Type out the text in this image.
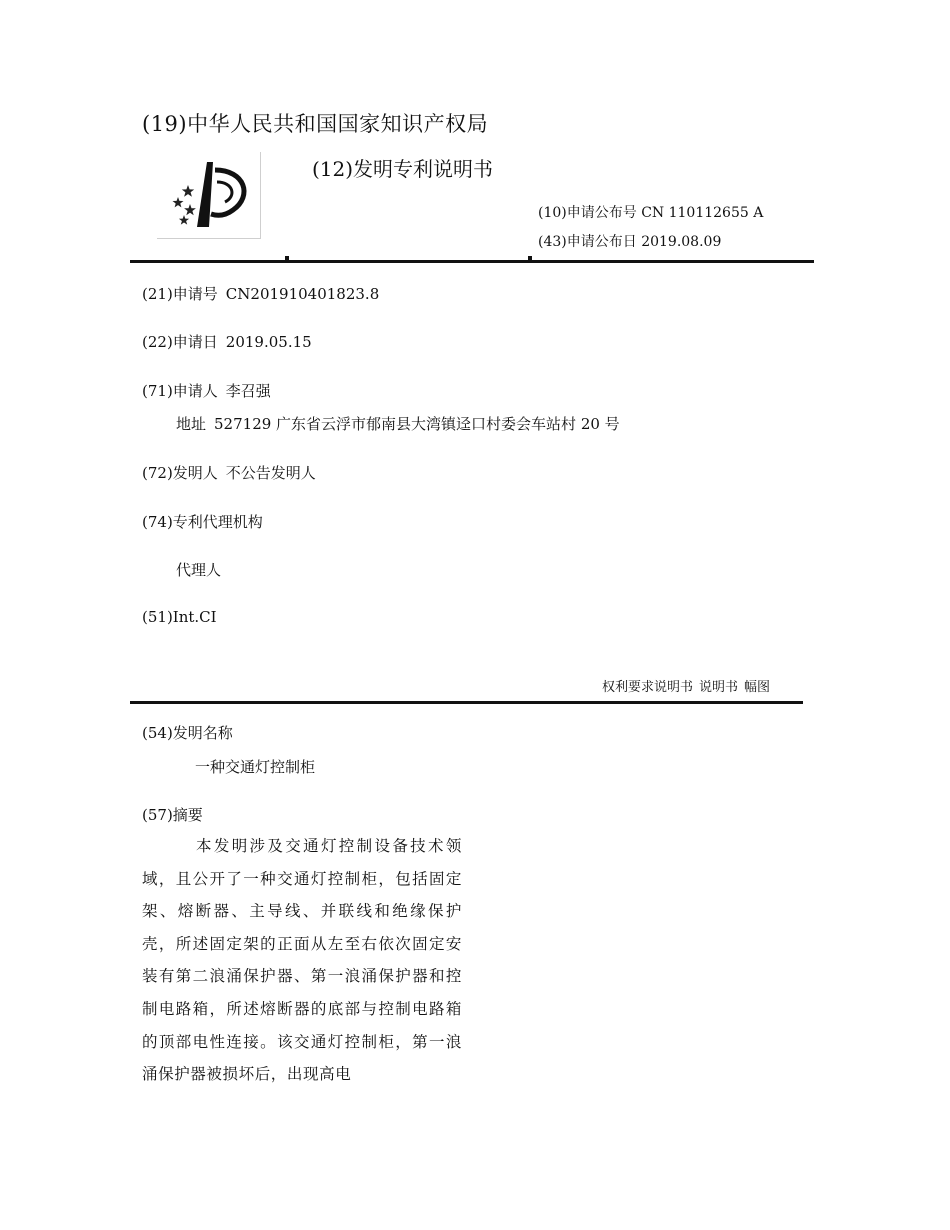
(19)中华人民共和国国家知识产权局
(12)发明专利说明书
(10)申请公布号 CN 110112655 A
(43)申请公布日 2019.08.09
(21)申请号 CN201910401823.8
(22)申请日 2019.05.15
(71)申请人 李召强
地址 527129 广东省云浮市郁南县大湾镇迳口村委会车站村 20 号
(72)发明人 不公告发明人
(74)专利代理机构
代理人
(51)Int.CI
权利要求说明书 说明书 幅图
(54)发明名称
一种交通灯控制柜
(57)摘要
本发明涉及交通灯控制设备技术领域，且公开了一种交通灯控制柜，包括固定架、熔断器、主导线、并联线和绝缘保护壳，所述固定架的正面从左至右依次固定安装有第二浪涌保护器、第一浪涌保护器和控制电路箱，所述熔断器的底部与控制电路箱的顶部电性连接。该交通灯控制柜，第一浪涌保护器被损坏后，出现高电
